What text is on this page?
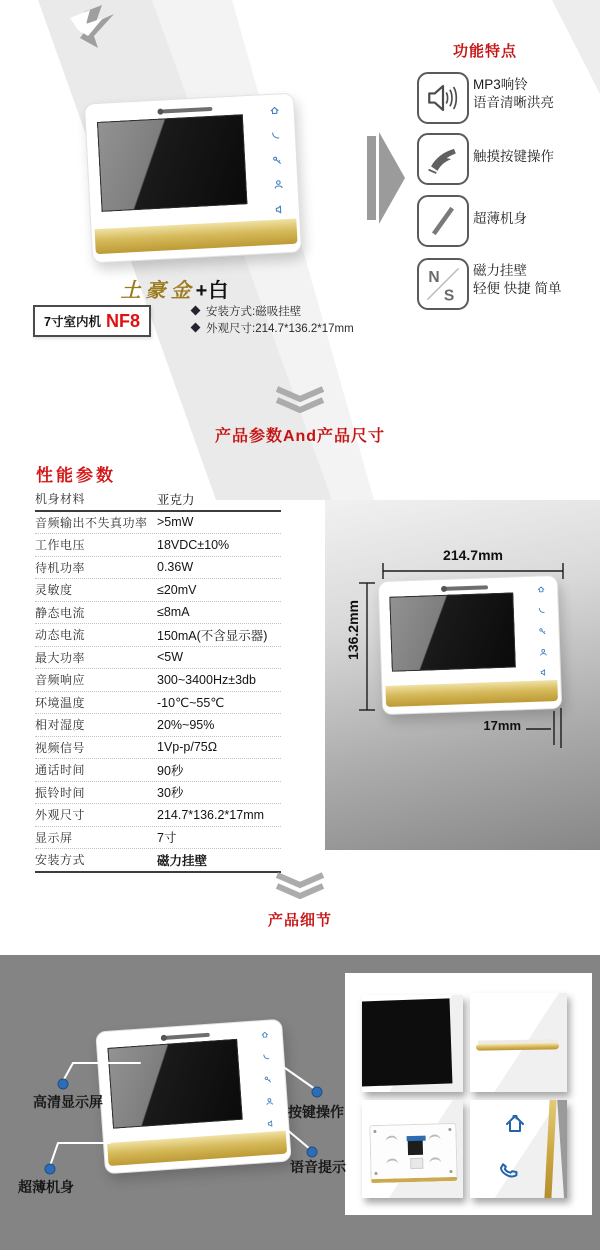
土豪金+白
7寸室内机 NF8	安装方式:磁吸挂壁
外观尺寸:214.7*136.2*17mm
功能特点
MP3响铃
语音清晰洪亮
触摸按键操作
超薄机身
N
S
磁力挂壁
轻便 快捷 简单
产品参数And产品尺寸
性能参数
机身材料	亚克力
音频输出不失真功率 >5mW
工作电压	18VDC±10%
待机功率	0.36W
灵敏度	≤20mV
静态电流	≤8mA
动态电流	150mA(不含显示器)
最大功率	<5W
音频响应	300~3400Hz±3db
环境温度	-10℃~55℃
相对湿度	20%~95%
视频信号	1Vp-p/75Ω
通话时间	90秒
振铃时间	30秒
外观尺寸	214.7*136.2*17mm
显示屏	7寸
安装方式	磁力挂壁
214.7mm
136.2mm
17mm
产品细节
高清显示屏
超薄机身
按键操作
语音提示
